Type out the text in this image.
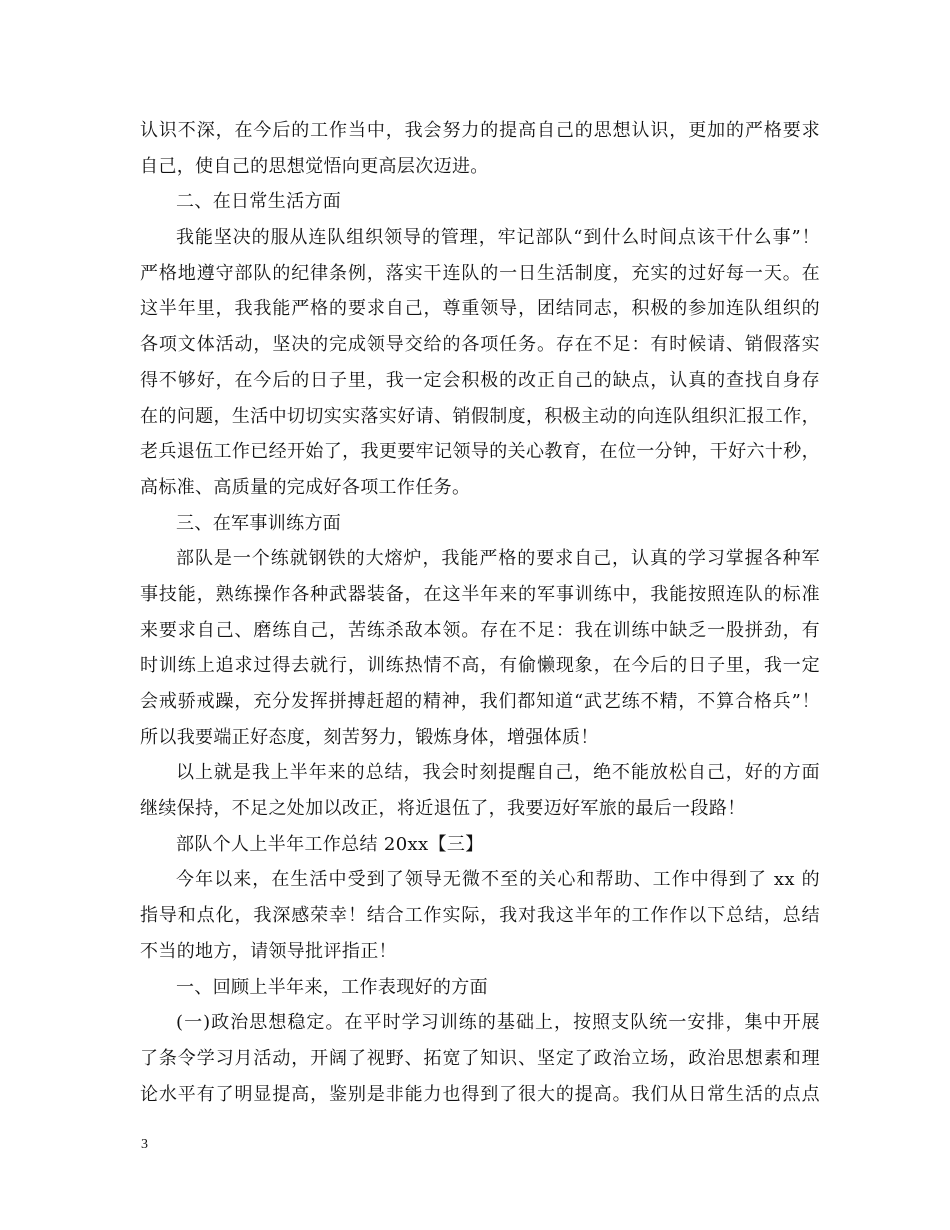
认识不深，在今后的工作当中，我会努力的提高自己的思想认识，更加的严格要求
自己，使自己的思想觉悟向更高层次迈进。
二、在日常生活方面
我能坚决的服从连队组织领导的管理，牢记部队“到什么时间点该干什么事”！
严格地遵守部队的纪律条例，落实干连队的一日生活制度，充实的过好每一天。在
这半年里，我我能严格的要求自己，尊重领导，团结同志，积极的参加连队组织的
各项文体活动，坚决的完成领导交给的各项任务。存在不足：有时候请、销假落实
得不够好，在今后的日子里，我一定会积极的改正自己的缺点，认真的查找自身存
在的问题，生活中切切实实落实好请、销假制度，积极主动的向连队组织汇报工作，
老兵退伍工作已经开始了，我更要牢记领导的关心教育，在位一分钟，干好六十秒，
高标准、高质量的完成好各项工作任务。
三、在军事训练方面
部队是一个练就钢铁的大熔炉，我能严格的要求自己，认真的学习掌握各种军
事技能，熟练操作各种武器装备，在这半年来的军事训练中，我能按照连队的标准
来要求自己、磨练自己，苦练杀敌本领。存在不足：我在训练中缺乏一股拼劲，有
时训练上追求过得去就行，训练热情不高，有偷懒现象，在今后的日子里，我一定
会戒骄戒躁，充分发挥拼搏赶超的精神，我们都知道“武艺练不精，不算合格兵”！
所以我要端正好态度，刻苦努力，锻炼身体，增强体质！
以上就是我上半年来的总结，我会时刻提醒自己，绝不能放松自己，好的方面
继续保持，不足之处加以改正，将近退伍了，我要迈好军旅的最后一段路！
部队个人上半年工作总结 20xx【三】
今年以来，在生活中受到了领导无微不至的关心和帮助、工作中得到了 xx 的
指导和点化，我深感荣幸！结合工作实际，我对我这半年的工作作以下总结，总结
不当的地方，请领导批评指正！
一、回顾上半年来，工作表现好的方面
(一)政治思想稳定。在平时学习训练的基础上，按照支队统一安排，集中开展
了条令学习月活动，开阔了视野、拓宽了知识、坚定了政治立场，政治思想素和理
论水平有了明显提高，鉴别是非能力也得到了很大的提高。我们从日常生活的点点
3
